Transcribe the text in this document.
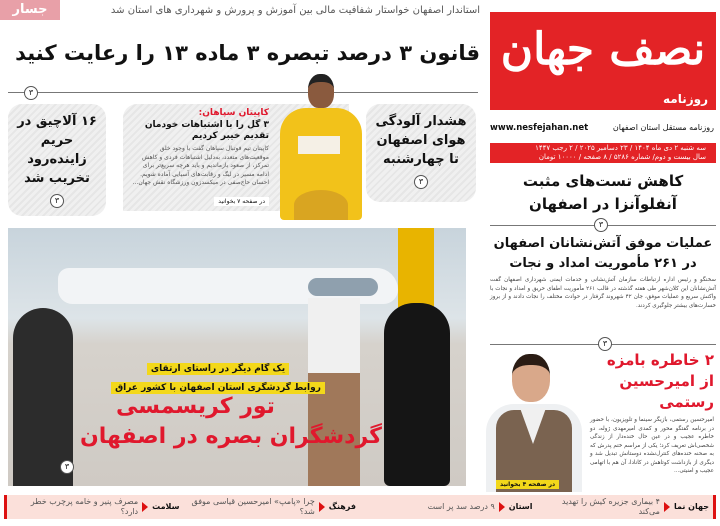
جسار	استاندار اصفهان خواستار شفافیت مالی بین آموزش و پرورش و شهرداری های استان شد
قانون ۳ درصد تبصره ۳ ماده ۱۳ را رعایت کنید
۳
۱۶ آلاچیق در حریم زاینده‌رود تخریب شد
۳
کاپیتان سپاهان:
۳ گل را با اشتباهات خودمان تقدیم خیبر کردیم
کاپیتان تیم فوتبال سپاهان گفت با وجود خلق موقعیت‌های متعدد، به‌دلیل اشتباهات فردی و کاهش تمرکز، از صعود بازماندیم و باید هرچه سریع‌تر برای ادامه مسیر در لیگ و رقابت‌های آسیایی آماده شویم. احسان حاج‌صفی در میکسدزون ورزشگاه نقش جهان...
در صفحه ۷ بخوانید
هشدار آلودگی هوای اصفهان تا چهارشنبه
۳
نصف جهان
روزنامه
www.nesfejahan.net	روزنامه مستقل استان اصفهان
سه شنبه ۲ دی ماه ۱۴۰۴ / ۲۳ دسامبر ۲۰۲۵ / ۲ رجب ۱۴۴۷
سال بیست و دوم/ شماره ۵۲۸۶ / ۸ صفحه / ۱۰۰۰۰ تومان
کاهش تست‌های مثبت آنفلوآنزا در اصفهان
۳
عملیات موفق آتش‌نشانان اصفهان در ۲۶۱ مأموریت امداد و نجات
سخنگو و رئیس اداره ارتباطات سازمان آتش‌نشانی و خدمات ایمنی شهرداری اصفهان گفت آتش‌نشانان این کلان‌شهر طی هفته گذشته در قالب ۲۶۱ مأموریت اطفای حریق و امداد و نجات با واکنش سریع و عملیات موفق، جان ۴۲ شهروند گرفتار در حوادث مختلف را نجات دادند و از بروز خسارت‌های بیشتر جلوگیری کردند.
۳
۲ خاطره بامزه از امیرحسین رستمی
امیرحسین رستمی، بازیگر سینما و تلویزیون، با حضور در برنامه گفتگو محور و کمدی امیرمهدی ژوله، دو خاطره عجیب و در عین حال خنده‌دار از زندگی شخصی‌اش تعریف کرد؛ یکی از مراسم ختم پدرش که به صحنه خنده‌های کنترل‌نشده دوستانش تبدیل شد و دیگری از بازداشت کوتاهش در کانادا، آن هم با اتهامی عجیب و امنیتی...
در صفحه ۴ بخوانید
یک گام دیگر در راستای ارتقای
روابط گردشگری استان اصفهان با کشور عراق
تور کریسمسی
گردشگران بصره در اصفهان
۳
جهان نما
۴ بیماری جزیره کیش را تهدید می‌کند
استان
۹ درصد سد پر است
فرهنگ
چرا «پامپ» امیرحسین قیاسی موفق شد؟
سلامت
مصرف پنیر و خامه پرچرب خطر دارد؟
